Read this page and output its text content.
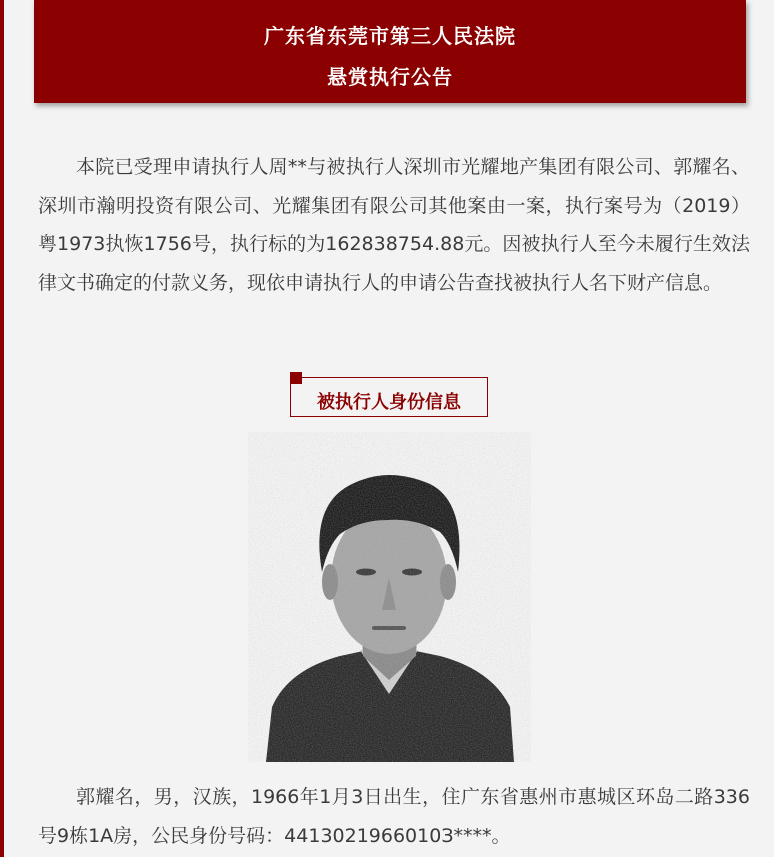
广东省东莞市第三人民法院
悬赏执行公告

本院已受理申请执行人周**与被执行人深圳市光耀地产集团有限公司、郭耀名、深圳市瀚明投资有限公司、光耀集团有限公司其他案由一案，执行案号为（2019）粤1973执恢1756号，执行标的为162838754.88元。因被执行人至今未履行生效法律文书确定的付款义务，现依申请执行人的申请公告查找被执行人名下财产信息。

被执行人身份信息

郭耀名，男，汉族，1966年1月3日出生，住广东省惠州市惠城区环岛二路336号9栋1A房，公民身份号码：4413021966010З****。
